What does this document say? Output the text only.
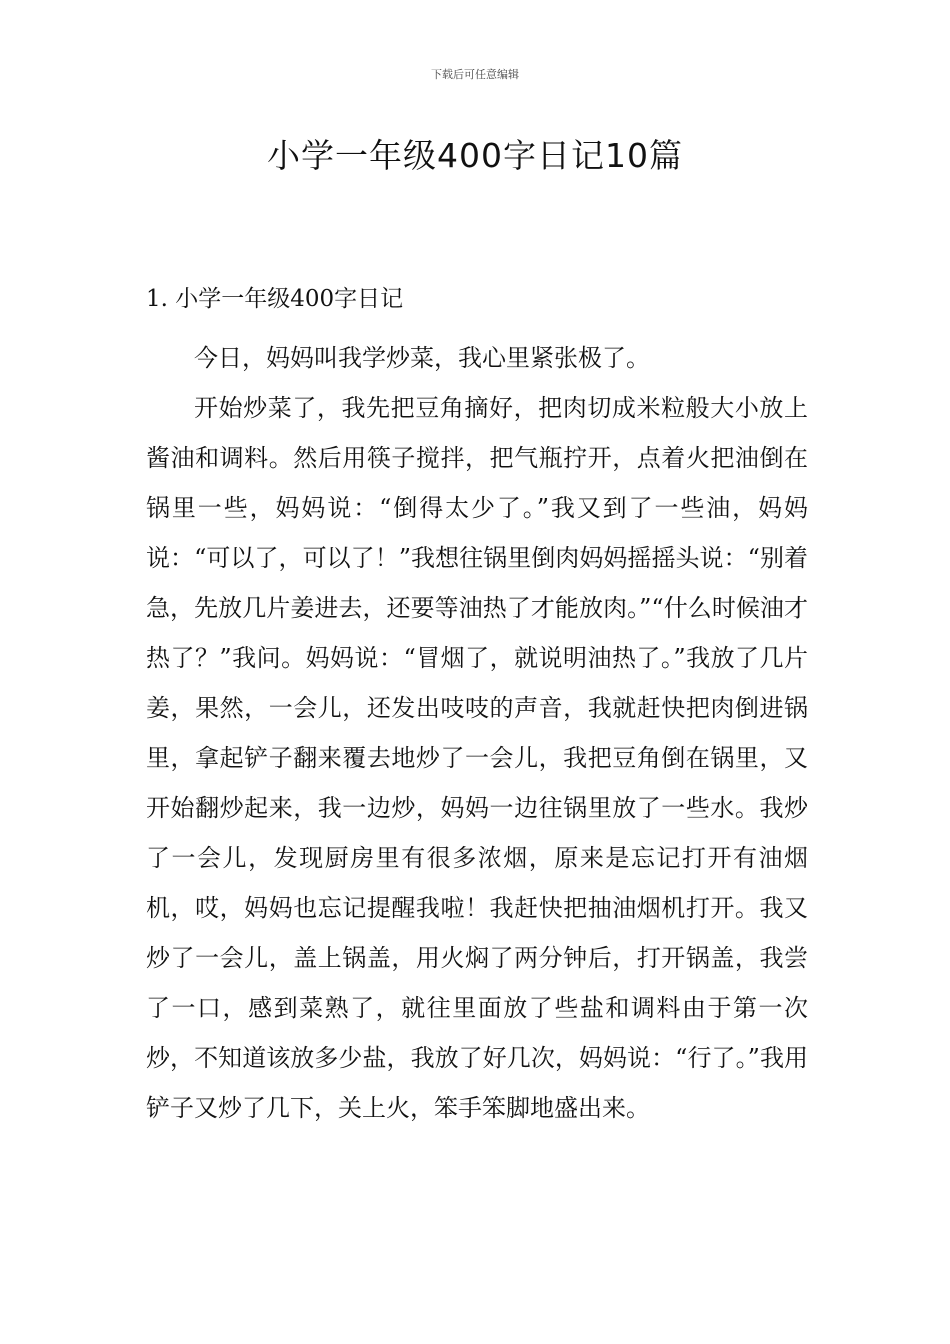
下载后可任意编辑
小学一年级400字日记10篇
1. 小学一年级400字日记

今日，妈妈叫我学炒菜，我心里紧张极了。

开始炒菜了，我先把豆角摘好，把肉切成米粒般大小放上酱油和调料。然后用筷子搅拌，把气瓶拧开，点着火把油倒在锅里一些，妈妈说：“倒得太少了。”我又到了一些油，妈妈说：“可以了，可以了！”我想往锅里倒肉妈妈摇摇头说：“别着急，先放几片姜进去，还要等油热了才能放肉。”“什么时候油才热了？”我问。妈妈说：“冒烟了，就说明油热了。”我放了几片姜，果然，一会儿，还发出吱吱的声音，我就赶快把肉倒进锅里，拿起铲子翻来覆去地炒了一会儿，我把豆角倒在锅里，又开始翻炒起来，我一边炒，妈妈一边往锅里放了一些水。我炒了一会儿，发现厨房里有很多浓烟，原来是忘记打开有油烟机，哎，妈妈也忘记提醒我啦！我赶快把抽油烟机打开。我又炒了一会儿，盖上锅盖，用火焖了两分钟后，打开锅盖，我尝了一口，感到菜熟了，就往里面放了些盐和调料由于第一次炒，不知道该放多少盐，我放了好几次，妈妈说：“行了。”我用铲子又炒了几下，关上火，笨手笨脚地盛出来。
